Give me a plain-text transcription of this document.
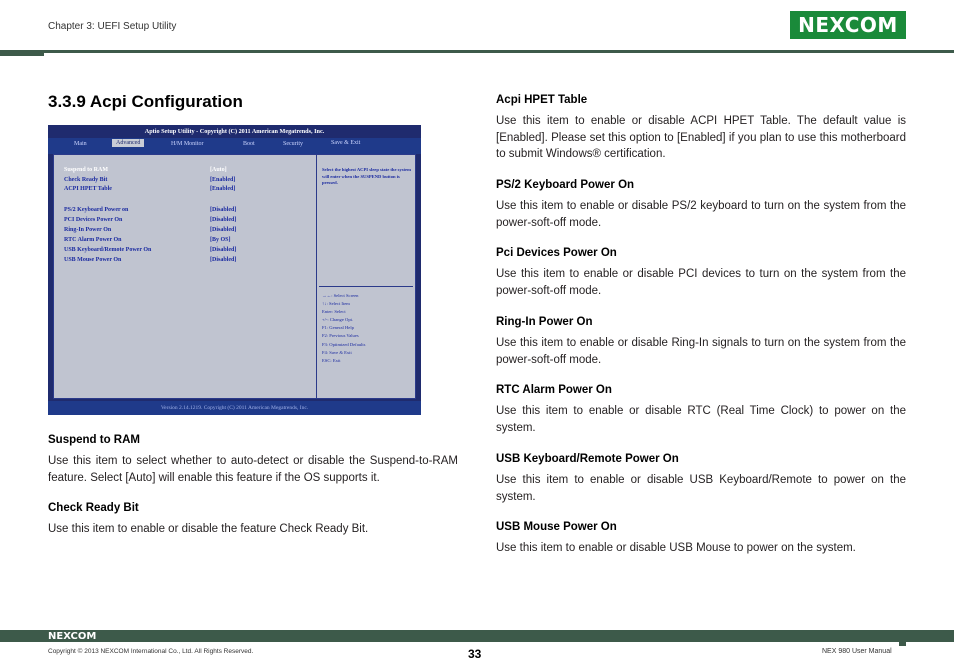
Chapter 3: UEFI Setup Utility	NEXCOM
3.3.9 Acpi Configuration
Aptio Setup Utility - Copyright (C) 2011 American Megatrends, Inc.
Main	Advanced	H/M Monitor	Boot	Security	Save & Exit
Suspend to RAM	[Auto]
Check Ready Bit	[Enabled]
ACPI HPET Table	[Enabled]
PS/2 Keyboard Power on	[Disabled]
PCI Devices Power On	[Disabled]
Ring-In Power On	[Disabled]
RTC Alarm Power On	[By OS]
USB Keyboard/Remote Power On	[Disabled]
USB Mouse Power On	[Disabled]
Select the highest ACPI sleep state the system will enter when the SUSPEND button is pressed.
→←: Select Screen
↑↓: Select Item
Enter: Select
+/-: Change Opt.
F1: General Help
F2: Previous Values
F3: Optimized Defaults
F4: Save & Exit
ESC: Exit
Version 2.14.1219. Copyright (C) 2011 American Megatrends, Inc.
Suspend to RAM
Use this item to select whether to auto-detect or disable the Suspend-to-RAM feature. Select [Auto] will enable this feature if the OS supports it.
Check Ready Bit
Use this item to enable or disable the feature Check Ready Bit.
Acpi HPET Table
Use this item to enable or disable ACPI HPET Table. The default value is [Enabled]. Please set this option to [Enabled] if you plan to use this motherboard to submit Windows® certification.
PS/2 Keyboard Power On
Use this item to enable or disable PS/2 keyboard to turn on the system from the power-soft-off mode.
Pci Devices Power On
Use this item to enable or disable PCI devices to turn on the system from the power-soft-off mode.
Ring-In Power On
Use this item to enable or disable Ring-In signals to turn on the system from the power-soft-off mode.
RTC Alarm Power On
Use this item to enable or disable RTC (Real Time Clock) to power on the system.
USB Keyboard/Remote Power On
Use this item to enable or disable USB Keyboard/Remote to power on the system.
USB Mouse Power On
Use this item to enable or disable USB Mouse to power on the system.
NEXCOM
Copyright © 2013 NEXCOM International Co., Ltd. All Rights Reserved.	33	NEX 980 User Manual
